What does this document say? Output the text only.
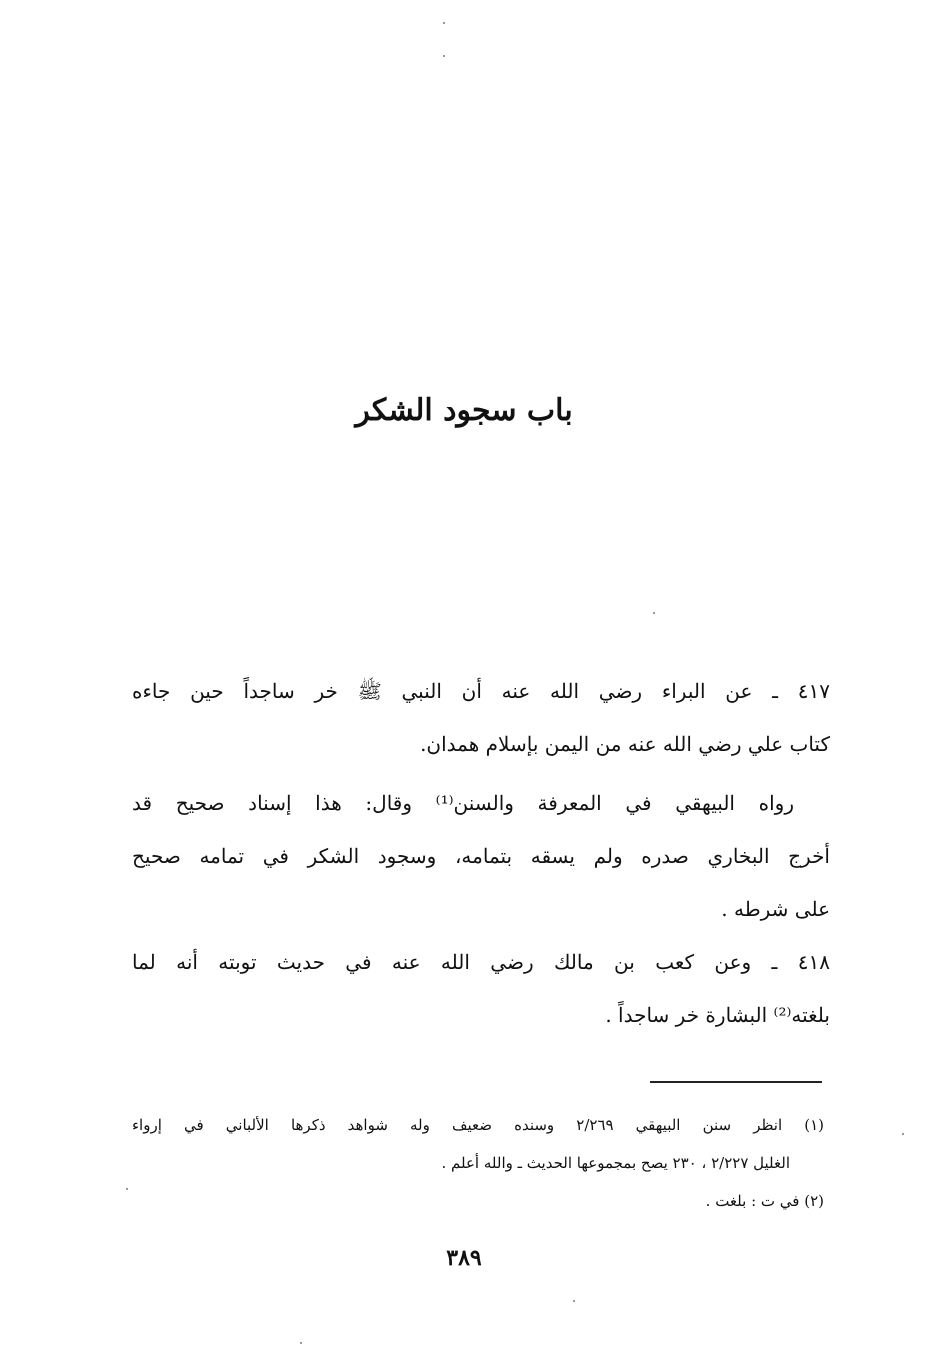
باب سجود الشكر
٤١٧ ـ عن البراء رضي الله عنه أن النبي ﷺ خر ساجداً حين جاءه
كتاب علي رضي الله عنه من اليمن بإسلام همدان.
رواه البيهقي في المعرفة والسنن⁽¹⁾ وقال: هذا إسناد صحيح قد
أخرج البخاري صدره ولم يسقه بتمامه، وسجود الشكر في تمامه صحيح
على شرطه .
٤١٨ ـ وعن كعب بن مالك رضي الله عنه في حديث توبته أنه لما
بلغته⁽²⁾ البشارة خر ساجداً .
(١) انظر سنن البيهقي ٢/٢٦٩ وسنده ضعيف وله شواهد ذكرها الألباني في إرواء
الغليل ٢/٢٢٧ ، ٢٣٠ يصح بمجموعها الحديث ـ والله أعلم .
(٢) في ت : بلغت .
٣٨٩
